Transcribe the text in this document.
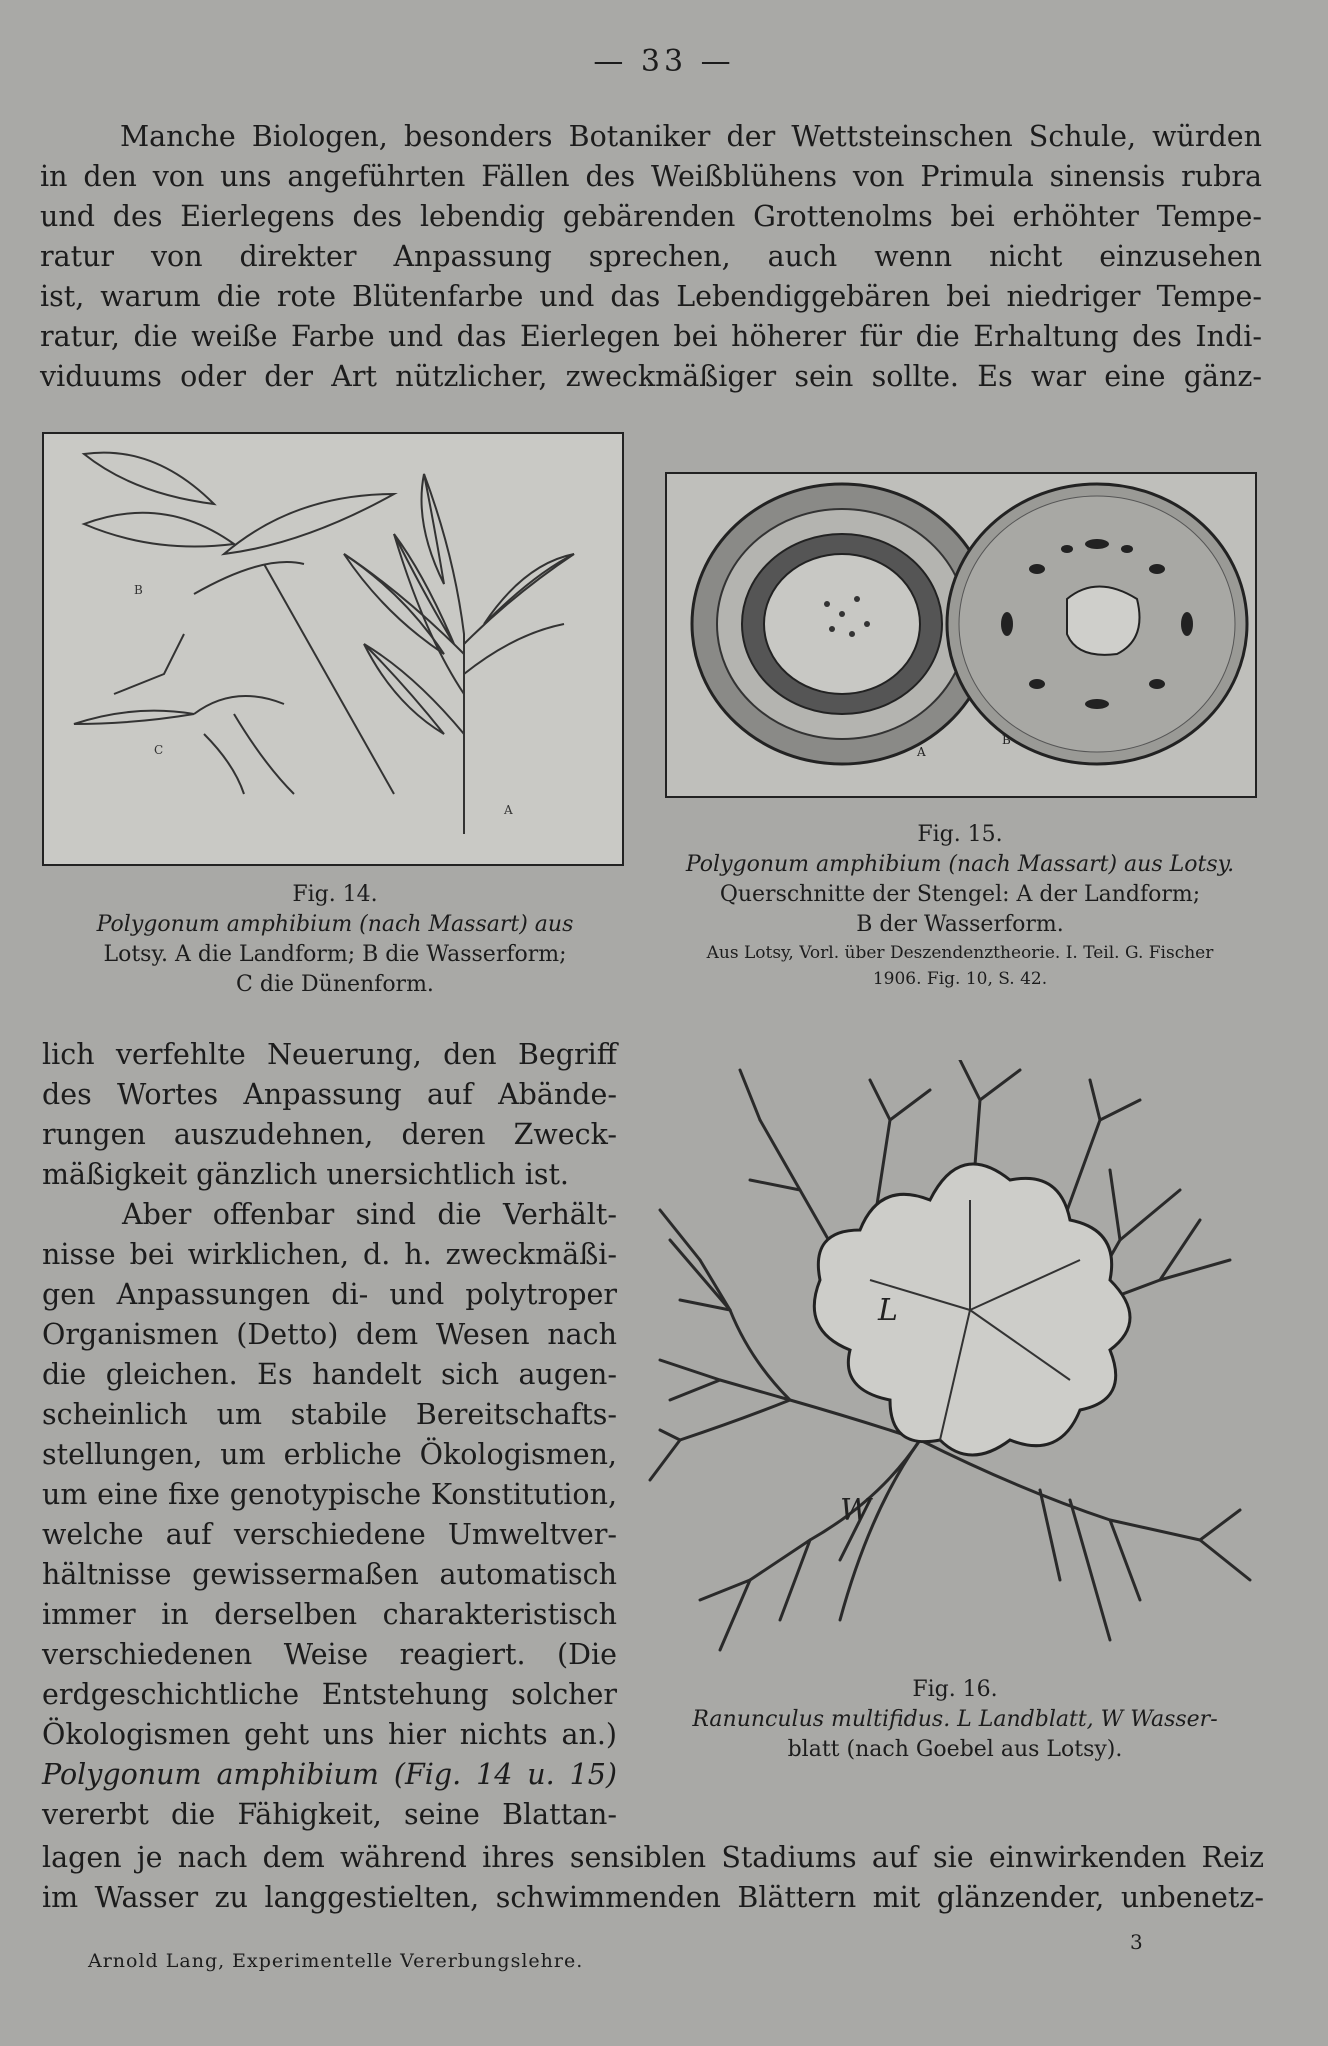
— 33 —
Manche Biologen, besonders Botaniker der Wettsteinschen Schule, würden
in den von uns angeführten Fällen des Weißblühens von Primula sinensis rubra
und des Eierlegens des lebendig gebärenden Grottenolms bei erhöhter Tempe-
ratur von direkter Anpassung sprechen, auch wenn nicht einzusehen
ist, warum die rote Blütenfarbe und das Lebendiggebären bei niedriger Tempe-
ratur, die weiße Farbe und das Eierlegen bei höherer für die Erhaltung des Indi-
viduums oder der Art nützlicher, zweckmäßiger sein sollte. Es war eine gänz-
B
C
A
A
B
Fig. 14.
Polygonum amphibium (nach Massart) aus
Lotsy. A die Landform; B die Wasserform;
C die Dünenform.
Fig. 15.
Polygonum amphibium (nach Massart) aus Lotsy.
Querschnitte der Stengel: A der Landform;
B der Wasserform.
Aus Lotsy, Vorl. über Deszendenztheorie. I. Teil. G. Fischer
1906. Fig. 10, S. 42.
lich verfehlte Neuerung, den Begriff
des Wortes Anpassung auf Abände-
rungen auszudehnen, deren Zweck-
mäßigkeit gänzlich unersichtlich ist.
Aber offenbar sind die Verhält-
nisse bei wirklichen, d. h. zweckmäßi-
gen Anpassungen di- und polytroper
Organismen (Detto) dem Wesen nach
die gleichen. Es handelt sich augen-
scheinlich um stabile Bereitschafts-
stellungen, um erbliche Ökologismen,
um eine fixe genotypische Konstitution,
welche auf verschiedene Umweltver-
hältnisse gewissermaßen automatisch
immer in derselben charakteristisch
verschiedenen Weise reagiert. (Die
erdgeschichtliche Entstehung solcher
Ökologismen geht uns hier nichts an.)
Polygonum amphibium (Fig. 14 u. 15)
vererbt die Fähigkeit, seine Blattan-
L
W
Fig. 16.
Ranunculus multifidus. L Landblatt, W Wasser-
blatt (nach Goebel aus Lotsy).
lagen je nach dem während ihres sensiblen Stadiums auf sie einwirkenden Reiz
im Wasser zu langgestielten, schwimmenden Blättern mit glänzender, unbenetz-
3
Arnold Lang, Experimentelle Vererbungslehre.
